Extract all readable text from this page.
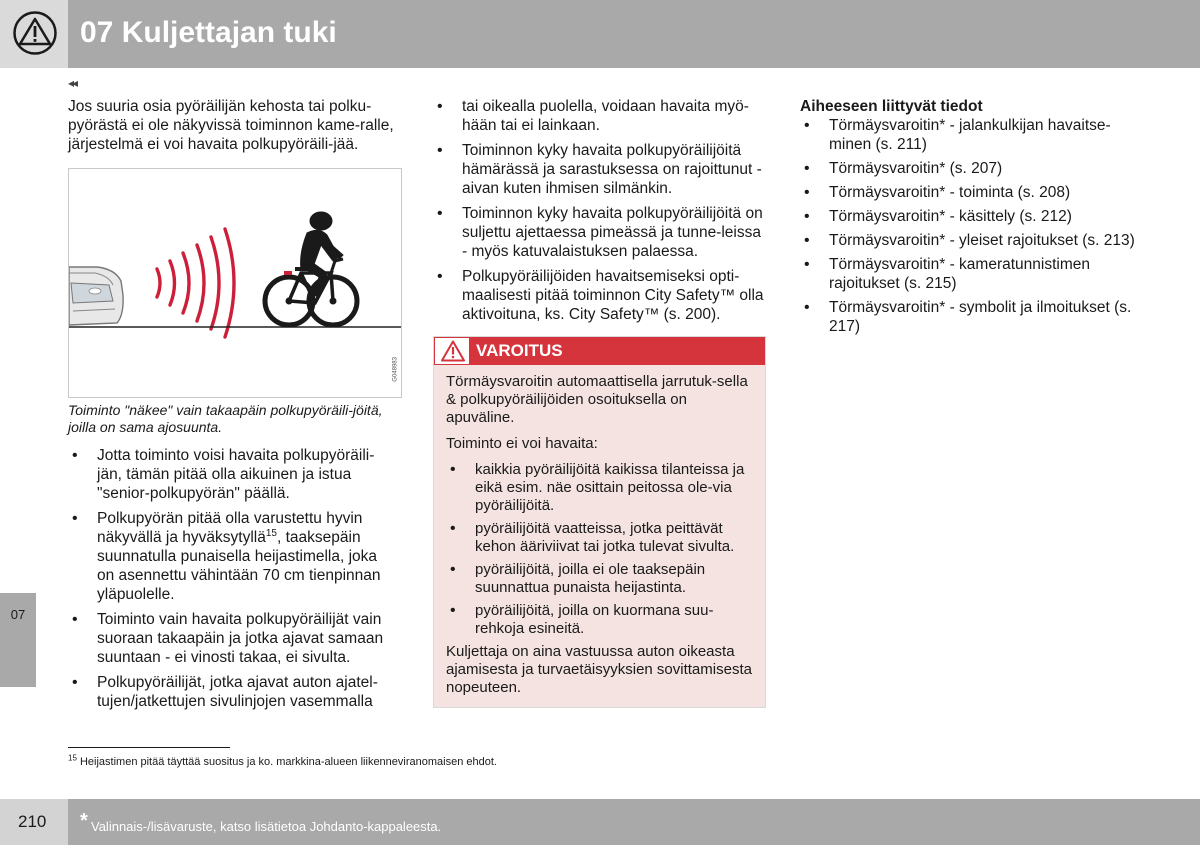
07 Kuljettajan tuki
◂◂
07

Jos suuria osia pyöräilijän kehosta tai polku-pyörästä ei ole näkyvissä toiminnon kame-ralle, järjestelmä ei voi havaita polkupyöräili-jää.

G048983

Toiminto "näkee" vain takaapäin polkupyöräili-jöitä, joilla on sama ajosuunta.

• Jotta toiminto voisi havaita polkupyöräili-jän, tämän pitää olla aikuinen ja istua "senior-polkupyörän" päällä.
• Polkupyörän pitää olla varustettu hyvin näkyvällä ja hyväksytyllä$^{15}$, taaksepäin suunnatulla punaisella heijastimella, joka on asennettu vähintään 70 cm tienpinnan yläpuolelle.
• Toiminto vain havaita polkupyöräilijät vain suoraan takaapäin ja jotka ajavat samaan suuntaan - ei vinosti takaa, ei sivulta.
• Polkupyöräilijät, jotka ajavat auton ajatel-tujen/jatkettujen sivulinjojen vasemmalla
• tai oikealla puolella, voidaan havaita myö-hään tai ei lainkaan.
• Toiminnon kyky havaita polkupyöräilijöitä hämärässä ja sarastuksessa on rajoittunut - aivan kuten ihmisen silmänkin.
• Toiminnon kyky havaita polkupyöräilijöitä on suljettu ajettaessa pimeässä ja tunne-leissa - myös katuvalaistuksen palaessa.
• Polkupyöräilijöiden havaitsemiseksi opti-maalisesti pitää toiminnon City Safety™ olla aktivoituna, ks. City Safety™ (s. 200).
VAROITUS

Törmäysvaroitin automaattisella jarrutuk-sella & polkupyöräilijöiden osoituksella on apuväline.

Toiminto ei voi havaita:

• kaikkia pyöräilijöitä kaikissa tilanteissa ja eikä esim. näe osittain peitossa ole-via pyöräilijöitä.
• pyöräilijöitä vaatteissa, jotka peittävät kehon ääriviivat tai jotka tulevat sivulta.
• pyöräilijöitä, joilla ei ole taaksepäin suunnattua punaista heijastinta.
• pyöräilijöitä, joilla on kuormana suu-rehkoja esineitä.

Kuljettaja on aina vastuussa auton oikeasta ajamisesta ja turvaetäisyyksien sovittamisesta nopeuteen.

Aiheeseen liittyvät tiedot
• Törmäysvaroitin* - jalankulkijan havaitse-minen (s. 211)
• Törmäysvaroitin* (s. 207)
• Törmäysvaroitin* - toiminta (s. 208)
• Törmäysvaroitin* - käsittely (s. 212)
• Törmäysvaroitin* - yleiset rajoitukset (s. 213)
• Törmäysvaroitin* - kameratunnistimen rajoitukset (s. 215)
• Törmäysvaroitin* - symbolit ja ilmoitukset (s. 217)
$^{15}$ Heijastimen pitää täyttää suositus ja ko. markkina-alueen liikenneviranomaisen ehdot.
210 * Valinnais-/lisävaruste, katso lisätietoa Johdanto-kappaleesta.
